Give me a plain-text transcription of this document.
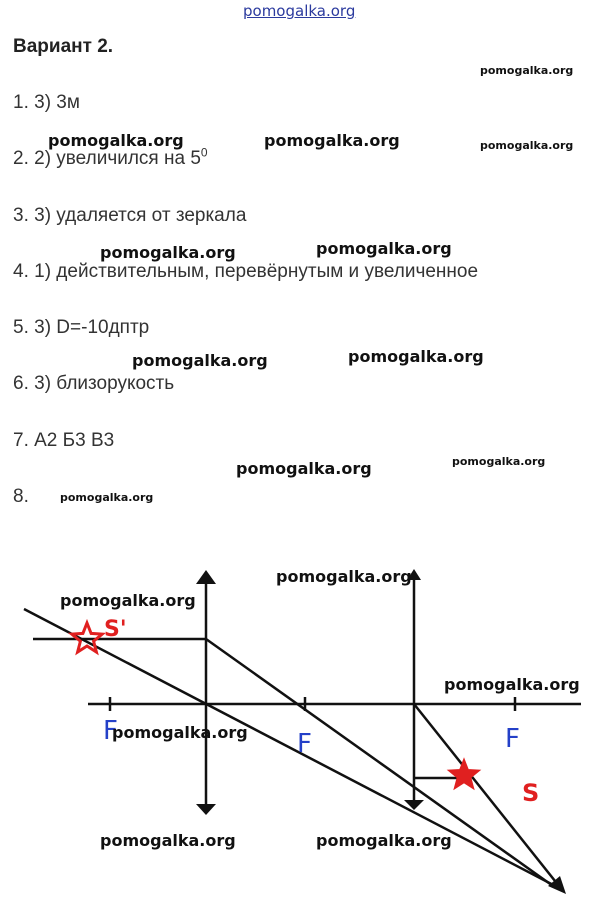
pomogalka.org
Вариант 2.
1. 3) 3м
2. 2) увеличился на $5^0$
3. 3) удаляется от зеркала
4. 1) действительным, перевёрнутым и увеличенное
5. 3) D=-10дптр
6. 3) близорукость
7. А2 Б3 В3
8.
pomogalka.org
pomogalka.org	pomogalka.org	pomogalka.org
pomogalka.org	pomogalka.org
pomogalka.org	pomogalka.org
pomogalka.org	pomogalka.org
pomogalka.org
S'
S
F	F	F
pomogalka.org
pomogalka.org
pomogalka.org
pomogalka.org
pomogalka.org	pomogalka.org
